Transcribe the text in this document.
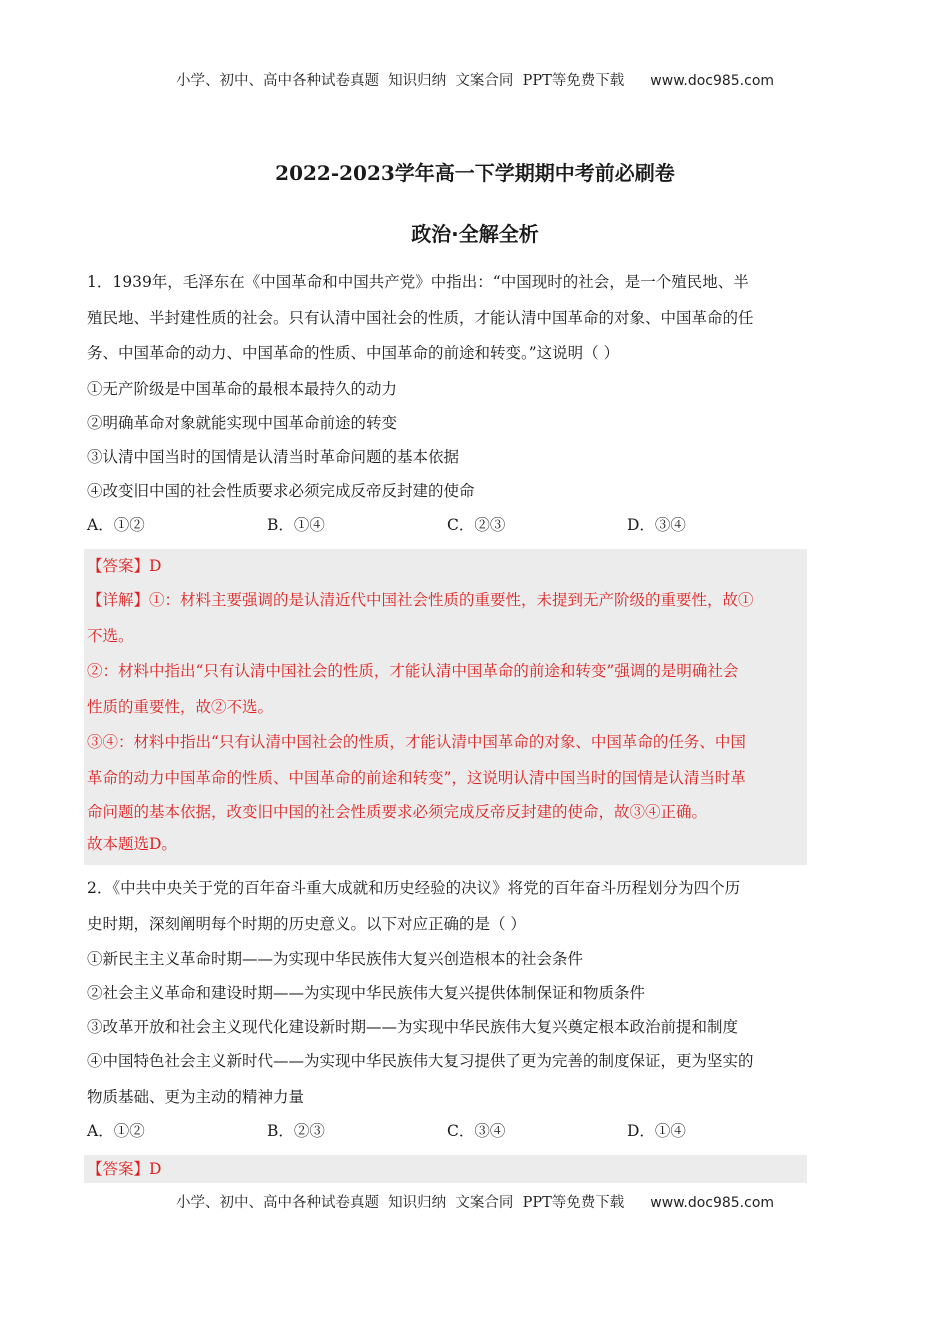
小学、初中、高中各种试卷真题  知识归纳  文案合同  PPT等免费下载 www.doc985.com
2022-2023学年高一下学期期中考前必刷卷
政治·全解全析
1．1939年，毛泽东在《中国革命和中国共产党》中指出：“中国现时的社会，是一个殖民地、半
殖民地、半封建性质的社会。只有认清中国社会的性质，才能认清中国革命的对象、中国革命的任
务、中国革命的动力、中国革命的性质、中国革命的前途和转变。”这说明（ ）
①无产阶级是中国革命的最根本最持久的动力
②明确革命对象就能实现中国革命前途的转变
③认清中国当时的国情是认清当时革命问题的基本依据
④改变旧中国的社会性质要求必须完成反帝反封建的使命
A．①②	B．①④	C．②③	D．③④
【答案】D
【详解】①：材料主要强调的是认清近代中国社会性质的重要性，未提到无产阶级的重要性，故①
不选。
②：材料中指出“只有认清中国社会的性质，才能认清中国革命的前途和转变”强调的是明确社会
性质的重要性，故②不选。
③④：材料中指出“只有认清中国社会的性质，才能认清中国革命的对象、中国革命的任务、中国
革命的动力中国革命的性质、中国革命的前途和转变”，这说明认清中国当时的国情是认清当时革
命问题的基本依据，改变旧中国的社会性质要求必须完成反帝反封建的使命，故③④正确。
故本题选D。
2．《中共中央关于党的百年奋斗重大成就和历史经验的决议》将党的百年奋斗历程划分为四个历
史时期，深刻阐明每个时期的历史意义。以下对应正确的是（ ）
①新民主主义革命时期——为实现中华民族伟大复兴创造根本的社会条件
②社会主义革命和建设时期——为实现中华民族伟大复兴提供体制保证和物质条件
③改革开放和社会主义现代化建设新时期——为实现中华民族伟大复兴奠定根本政治前提和制度
④中国特色社会主义新时代——为实现中华民族伟大复习提供了更为完善的制度保证，更为坚实的
物质基础、更为主动的精神力量
A．①②	B．②③	C．③④	D．①④
【答案】D
小学、初中、高中各种试卷真题  知识归纳  文案合同  PPT等免费下载 www.doc985.com
